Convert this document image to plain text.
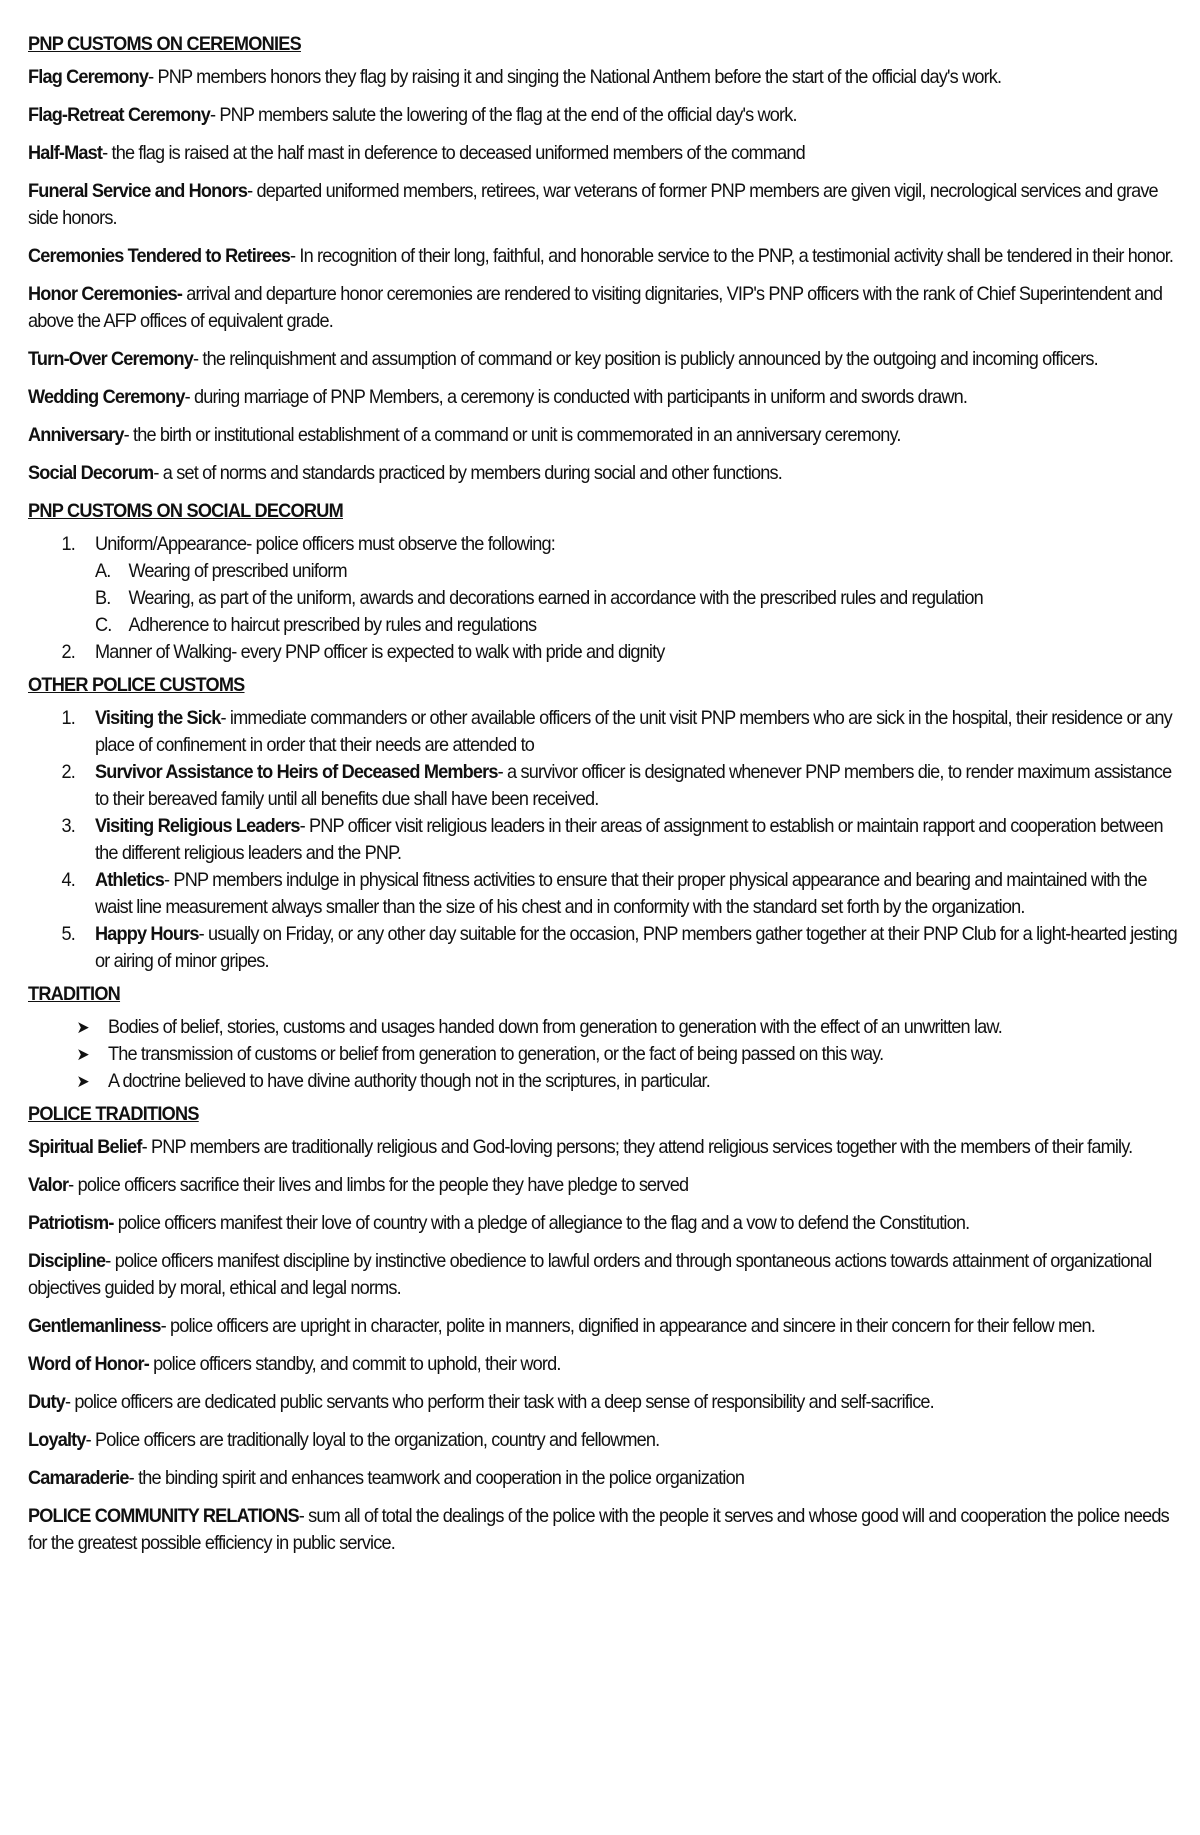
PNP CUSTOMS ON CEREMONIES
Flag Ceremony- PNP members honors they flag by raising it and singing the National Anthem before the start of the official day's work.
Flag-Retreat Ceremony- PNP members salute the lowering of the flag at the end of the official day's work.
Half-Mast- the flag is raised at the half mast in deference to deceased uniformed members of the command
Funeral Service and Honors- departed uniformed members, retirees, war veterans of former PNP members are given vigil, necrological services and grave side honors.
Ceremonies Tendered to Retirees- In recognition of their long, faithful, and honorable service to the PNP, a testimonial activity shall be tendered in their honor.
Honor Ceremonies- arrival and departure honor ceremonies are rendered to visiting dignitaries, VIP's PNP officers with the rank of Chief Superintendent and above the AFP offices of equivalent grade.
Turn-Over Ceremony- the relinquishment and assumption of command or key position is publicly announced by the outgoing and incoming officers.
Wedding Ceremony- during marriage of PNP Members, a ceremony is conducted with participants in uniform and swords drawn.
Anniversary- the birth or institutional establishment of a command or unit is commemorated in an anniversary ceremony.
Social Decorum- a set of norms and standards practiced by members during social and other functions.
PNP CUSTOMS ON SOCIAL DECORUM
1. Uniform/Appearance- police officers must observe the following:
A. Wearing of prescribed uniform
B. Wearing, as part of the uniform, awards and decorations earned in accordance with the prescribed rules and regulation
C. Adherence to haircut prescribed by rules and regulations
2. Manner of Walking- every PNP officer is expected to walk with pride and dignity
OTHER POLICE CUSTOMS
1. Visiting the Sick- immediate commanders or other available officers of the unit visit PNP members who are sick in the hospital, their residence or any place of confinement in order that their needs are attended to
2. Survivor Assistance to Heirs of Deceased Members- a survivor officer is designated whenever PNP members die, to render maximum assistance to their bereaved family until all benefits due shall have been received.
3. Visiting Religious Leaders- PNP officer visit religious leaders in their areas of assignment to establish or maintain rapport and cooperation between the different religious leaders and the PNP.
4. Athletics- PNP members indulge in physical fitness activities to ensure that their proper physical appearance and bearing and maintained with the waist line measurement always smaller than the size of his chest and in conformity with the standard set forth by the organization.
5. Happy Hours- usually on Friday, or any other day suitable for the occasion, PNP members gather together at their PNP Club for a light-hearted jesting or airing of minor gripes.
TRADITION
➤ Bodies of belief, stories, customs and usages handed down from generation to generation with the effect of an unwritten law.
➤ The transmission of customs or belief from generation to generation, or the fact of being passed on this way.
➤ A doctrine believed to have divine authority though not in the scriptures, in particular.
POLICE TRADITIONS
Spiritual Belief- PNP members are traditionally religious and God-loving persons; they attend religious services together with the members of their family.
Valor- police officers sacrifice their lives and limbs for the people they have pledge to served
Patriotism- police officers manifest their love of country with a pledge of allegiance to the flag and a vow to defend the Constitution.
Discipline- police officers manifest discipline by instinctive obedience to lawful orders and through spontaneous actions towards attainment of organizational objectives guided by moral, ethical and legal norms.
Gentlemanliness- police officers are upright in character, polite in manners, dignified in appearance and sincere in their concern for their fellow men.
Word of Honor- police officers standby, and commit to uphold, their word.
Duty- police officers are dedicated public servants who perform their task with a deep sense of responsibility and self-sacrifice.
Loyalty- Police officers are traditionally loyal to the organization, country and fellowmen.
Camaraderie- the binding spirit and enhances teamwork and cooperation in the police organization
POLICE COMMUNITY RELATIONS- sum all of total the dealings of the police with the people it serves and whose good will and cooperation the police needs for the greatest possible efficiency in public service.
